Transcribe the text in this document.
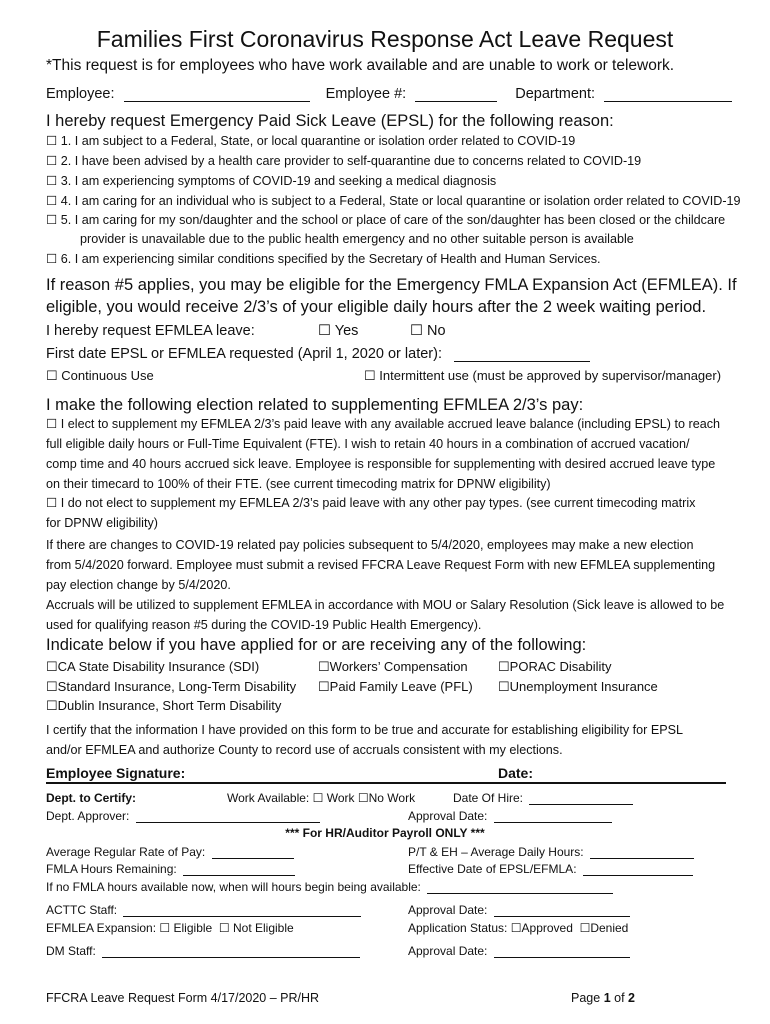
Families First Coronavirus Response Act Leave Request
*This request is for employees who have work available and are unable to work or telework.
Employee:	Employee #:	Department:
I hereby request Emergency Paid Sick Leave (EPSL) for the following reason:
☐ 1. I am subject to a Federal, State, or local quarantine or isolation order related to COVID-19
☐ 2. I have been advised by a health care provider to self-quarantine due to concerns related to COVID-19
☐ 3. I am experiencing symptoms of COVID-19 and seeking a medical diagnosis
☐ 4. I am caring for an individual who is subject to a Federal, State or local quarantine or isolation order related to COVID-19
☐ 5. I am caring for my son/daughter and the school or place of care of the son/daughter has been closed or the childcare
provider is unavailable due to the public health emergency and no other suitable person is available
☐ 6. I am experiencing similar conditions specified by the Secretary of Health and Human Services.
If reason #5 applies, you may be eligible for the Emergency FMLA Expansion Act (EFMLEA). If
eligible, you would receive 2/3’s of your eligible daily hours after the 2 week waiting period.
I hereby request EFMLEA leave:	☐ Yes	☐ No
First date EPSL or EFMLEA requested (April 1, 2020 or later):
☐ Continuous Use	☐ Intermittent use (must be approved by supervisor/manager)
I make the following election related to supplementing EFMLEA 2/3’s pay:
☐ I elect to supplement my EFMLEA 2/3’s paid leave with any available accrued leave balance (including EPSL) to reach
full eligible daily hours or Full-Time Equivalent (FTE). I wish to retain 40 hours in a combination of accrued vacation/
comp time and 40 hours accrued sick leave. Employee is responsible for supplementing with desired accrued leave type
on their timecard to 100% of their FTE. (see current timecoding matrix for DPNW eligibility)
☐ I do not elect to supplement my EFMLEA 2/3’s paid leave with any other pay types. (see current timecoding matrix
for DPNW eligibility)
If there are changes to COVID-19 related pay policies subsequent to 5/4/2020, employees may make a new election
from 5/4/2020 forward. Employee must submit a revised FFCRA Leave Request Form with new EFMLEA supplementing
pay election change by 5/4/2020.
Accruals will be utilized to supplement EFMLEA in accordance with MOU or Salary Resolution (Sick leave is allowed to be
used for qualifying reason #5 during the COVID-19 Public Health Emergency).
Indicate below if you have applied for or are receiving any of the following:
☐CA State Disability Insurance (SDI)	☐Workers’ Compensation ☐PORAC Disability
☐Standard Insurance, Long-Term Disability ☐Paid Family Leave (PFL) ☐Unemployment Insurance
☐Dublin Insurance, Short Term Disability
I certify that the information I have provided on this form to be true and accurate for establishing eligibility for EPSL
and/or EFMLEA and authorize County to record use of accruals consistent with my elections.
Employee Signature:	Date:
Dept. to Certify:	Work Available: ☐ Work ☐No Work	Date Of Hire:
Dept. Approver:	Approval Date:
*** For HR/Auditor Payroll ONLY ***
Average Regular Rate of Pay:	P/T & EH – Average Daily Hours:
FMLA Hours Remaining:	Effective Date of EPSL/EFMLA:
If no FMLA hours available now, when will hours begin being available:
ACTTC Staff:	Approval Date:
EFMLEA Expansion: ☐ Eligible ☐ Not Eligible	Application Status: ☐Approved ☐Denied
DM Staff:	Approval Date:
FFCRA Leave Request Form 4/17/2020 – PR/HR	Page 1 of 2
